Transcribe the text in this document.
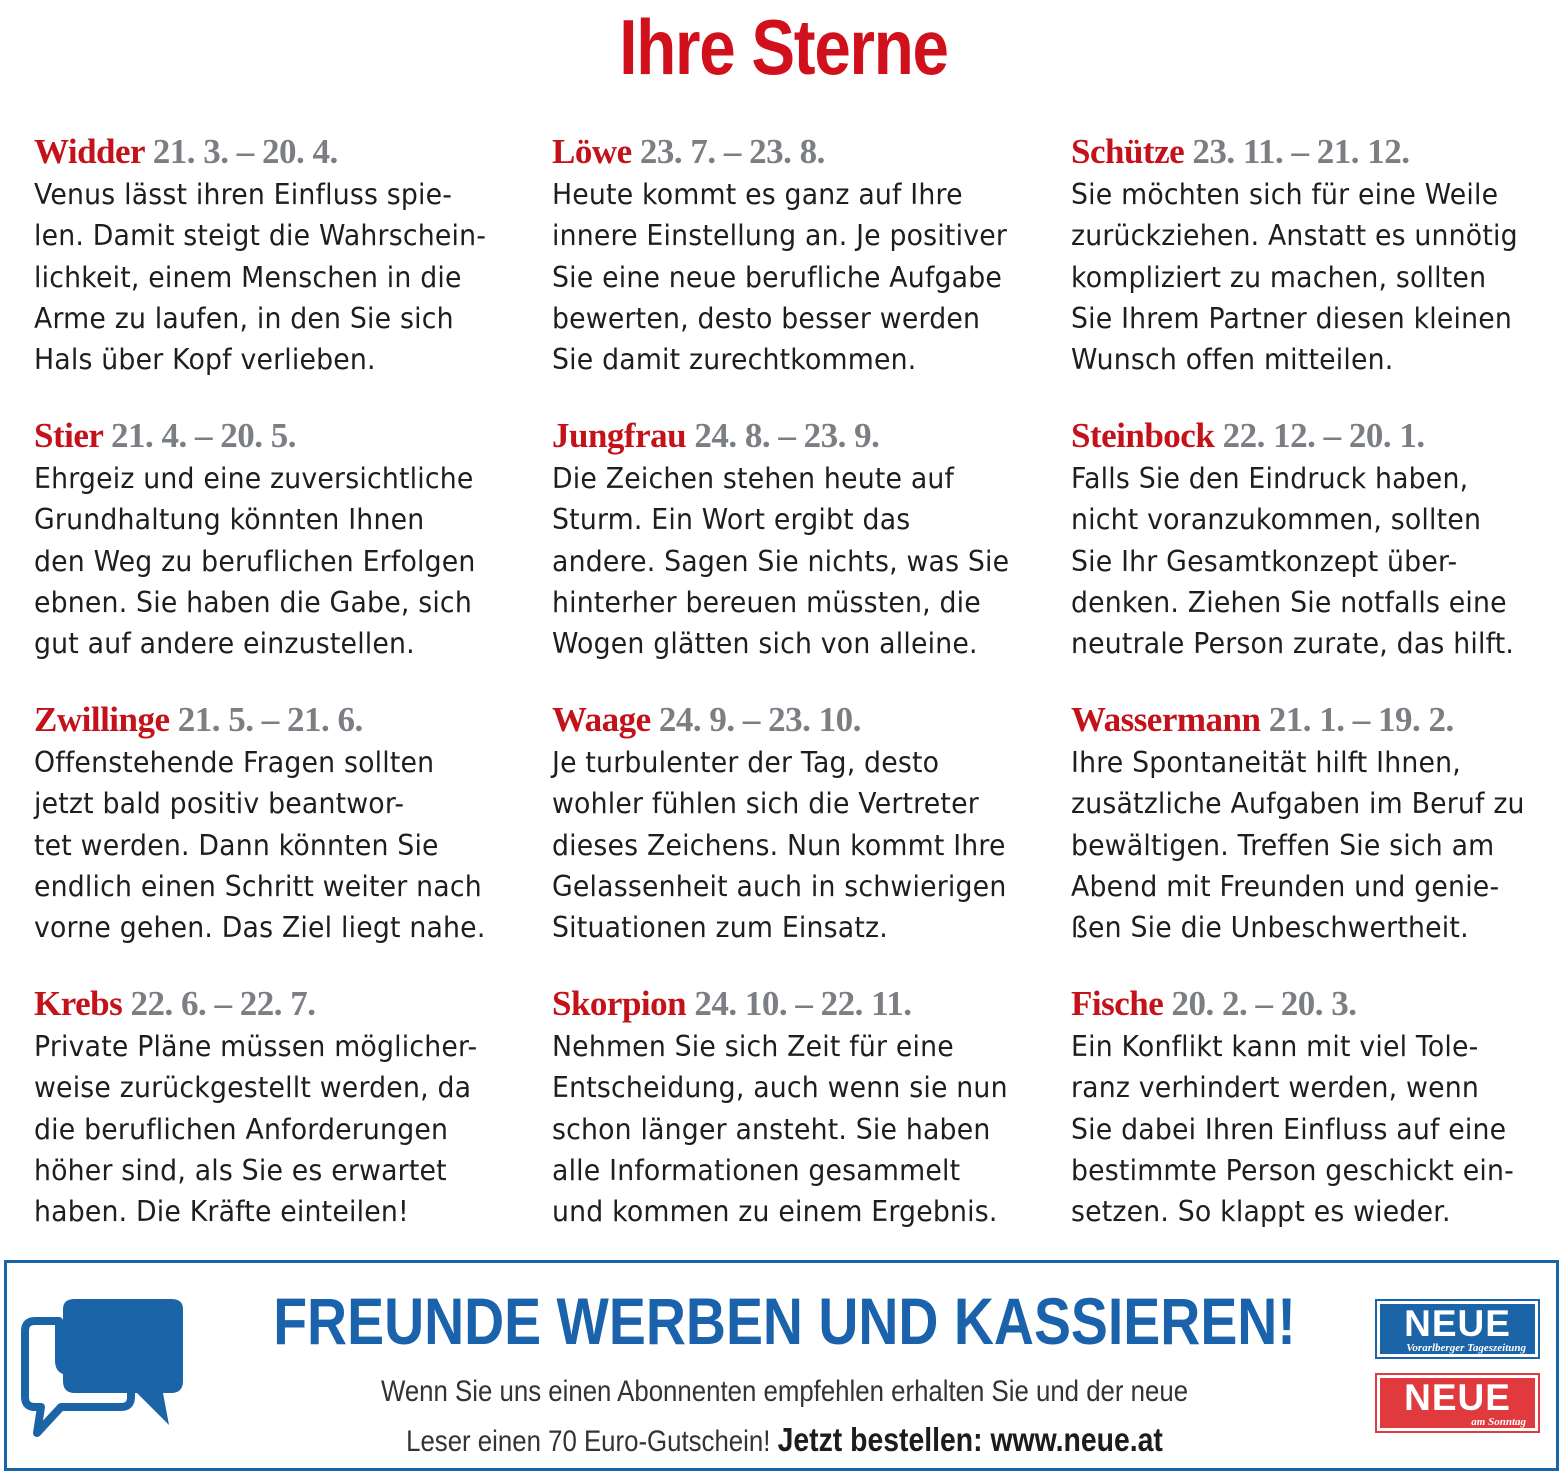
Ihre Sterne
Widder 21. 3. – 20. 4.
Venus lässt ihren Einfluss spie-
len. Damit steigt die Wahrschein-
lichkeit, einem Menschen in die
Arme zu laufen, in den Sie sich
Hals über Kopf verlieben.
Stier 21. 4. – 20. 5.
Ehrgeiz und eine zuversichtliche
Grundhaltung könnten Ihnen
den Weg zu beruflichen Erfolgen
ebnen. Sie haben die Gabe, sich
gut auf andere einzustellen.
Zwillinge 21. 5. – 21. 6.
Offenstehende Fragen sollten
jetzt bald positiv beantwor-
tet werden. Dann könnten Sie
endlich einen Schritt weiter nach
vorne gehen. Das Ziel liegt nahe.
Krebs 22. 6. – 22. 7.
Private Pläne müssen möglicher-
weise zurückgestellt werden, da
die beruflichen Anforderungen
höher sind, als Sie es erwartet
haben. Die Kräfte einteilen!
Löwe 23. 7. – 23. 8.
Heute kommt es ganz auf Ihre
innere Einstellung an. Je positiver
Sie eine neue berufliche Aufgabe
bewerten, desto besser werden
Sie damit zurechtkommen.
Jungfrau 24. 8. – 23. 9.
Die Zeichen stehen heute auf
Sturm. Ein Wort ergibt das
andere. Sagen Sie nichts, was Sie
hinterher bereuen müssten, die
Wogen glätten sich von alleine.
Waage 24. 9. – 23. 10.
Je turbulenter der Tag, desto
wohler fühlen sich die Vertreter
dieses Zeichens. Nun kommt Ihre
Gelassenheit auch in schwierigen
Situationen zum Einsatz.
Skorpion 24. 10. – 22. 11.
Nehmen Sie sich Zeit für eine
Entscheidung, auch wenn sie nun
schon länger ansteht. Sie haben
alle Informationen gesammelt
und kommen zu einem Ergebnis.
Schütze 23. 11. – 21. 12.
Sie möchten sich für eine Weile
zurückziehen. Anstatt es unnötig
kompliziert zu machen, sollten
Sie Ihrem Partner diesen kleinen
Wunsch offen mitteilen.
Steinbock 22. 12. – 20. 1.
Falls Sie den Eindruck haben,
nicht voranzukommen, sollten
Sie Ihr Gesamtkonzept über-
denken. Ziehen Sie notfalls eine
neutrale Person zurate, das hilft.
Wassermann 21. 1. – 19. 2.
Ihre Spontaneität hilft Ihnen,
zusätzliche Aufgaben im Beruf zu
bewältigen. Treffen Sie sich am
Abend mit Freunden und genie-
ßen Sie die Unbeschwertheit.
Fische 20. 2. – 20. 3.
Ein Konflikt kann mit viel Tole-
ranz verhindert werden, wenn
Sie dabei Ihren Einfluss auf eine
bestimmte Person geschickt ein-
setzen. So klappt es wieder.
FREUNDE WERBEN UND KASSIEREN!
Wenn Sie uns einen Abonnenten empfehlen erhalten Sie und der neue
Leser einen 70 Euro-Gutschein! Jetzt bestellen: www.neue.at
NEUE
Vorarlberger Tageszeitung
NEUE
am Sonntag
